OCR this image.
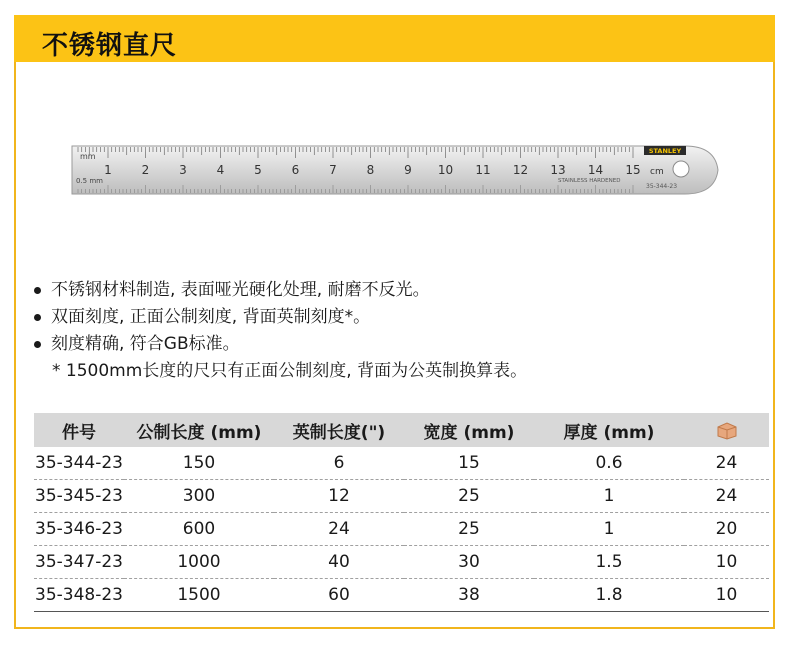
不锈钢直尺
mm
0.5 mm
1 2 3 4 5 6 7 8 9 10 11 12 13 14 15 cm
STANLEY
STAINLESS HARDENED
35-344-23
不锈钢材料制造, 表面哑光硬化处理, 耐磨不反光。
双面刻度, 正面公制刻度, 背面英制刻度*。
刻度精确, 符合GB标准。
* 1500mm长度的尺只有正面公制刻度, 背面为公英制换算表。
件号	公制长度 (mm)	英制长度(")	宽度 (mm)	厚度 (mm)	
35-344-23	150	6	15	0.6	24
35-345-23	300	12	25	1	24
35-346-23	600	24	25	1	20
35-347-23	1000	40	30	1.5	10
35-348-23	1500	60	38	1.8	10
